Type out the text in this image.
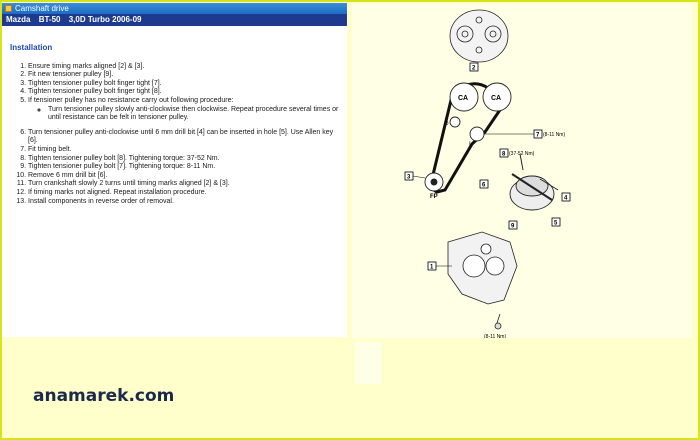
Camshaft drive
Mazda BT-50 3,0D Turbo 2006-09
Installation
1. Ensure timing marks aligned [2] & [3].
2. Fit new tensioner pulley [9].
3. Tighten tensioner pulley bolt finger tight [7].
4. Tighten tensioner pulley bolt finger tight [8].
5. If tensioner pulley has no resistance carry out following procedure:
◦ Turn tensioner pulley slowly anti-clockwise then clockwise. Repeat procedure several times or until resistance can be felt in tensioner pulley.
6. Turn tensioner pulley anti-clockwise until 6 mm drill bit [4] can be inserted in hole [5]. Use Allen key [6].
7. Fit timing belt.
8. Tighten tensioner pulley bolt [8]. Tightening torque: 37-52 Nm.
9. Tighten tensioner pulley bolt [7]. Tightening torque: 8-11 Nm.
10. Remove 6 mm drill bit [6].
11. Turn crankshaft slowly 2 turns until timing marks aligned [2] & [3].
12. If timing marks not aligned. Repeat installation procedure.
13. Install components in reverse order of removal.
CA	CA
G
I
FP
2
3
7 (8-11 Nm)
8 (37-52 Nm)
6
4
5
9
1
(8-11 Nm)
anamarek.com
